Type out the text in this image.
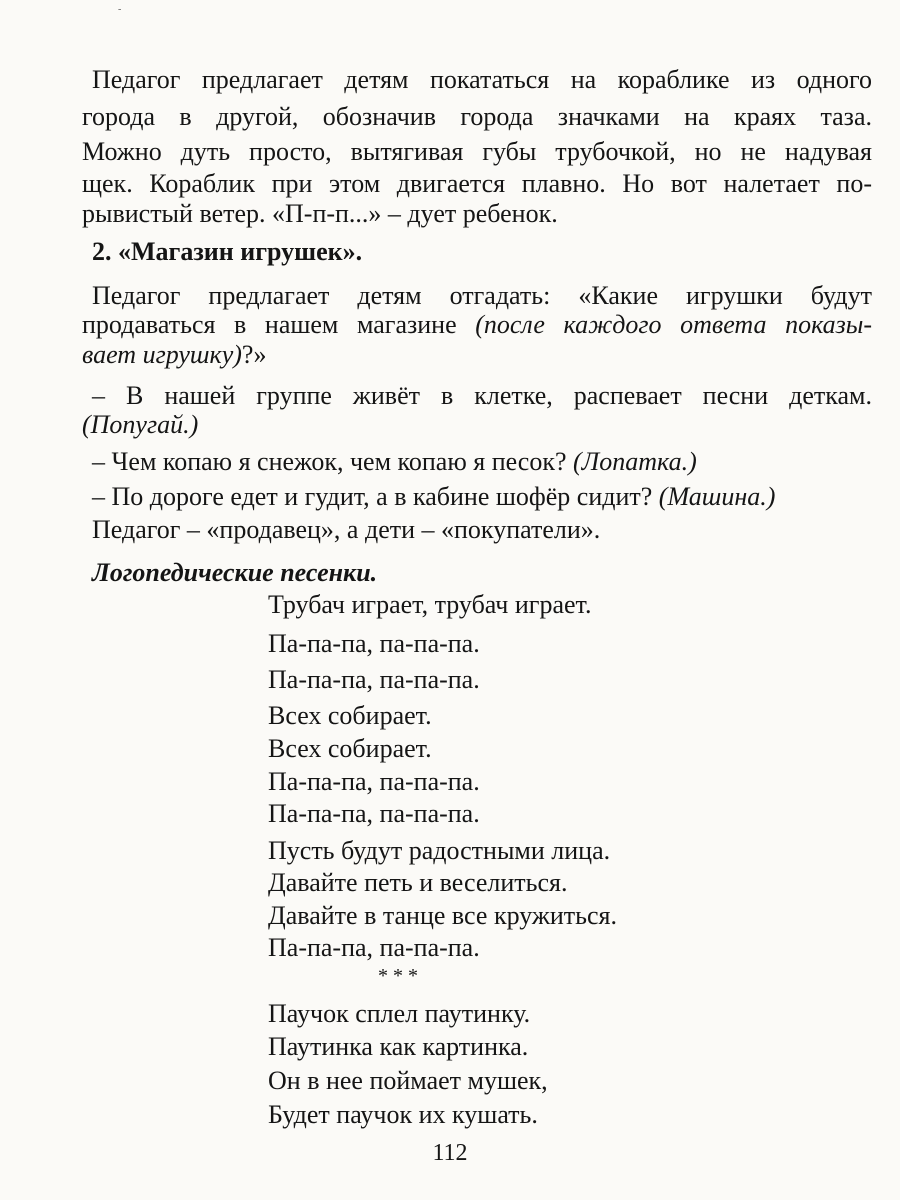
-
Педагог предлагает детям покататься на кораблике из одного
города в другой, обозначив города значками на краях таза.
Можно дуть просто, вытягивая губы трубочкой, но не надувая
щек. Кораблик при этом двигается плавно. Но вот налетает по-
рывистый ветер. «П-п-п...» – дует ребенок.
2. «Магазин игрушек».
Педагог предлагает детям отгадать: «Какие игрушки будут
продаваться в нашем магазине (после каждого ответа показы-
вает игрушку)?»
– В нашей группе живёт в клетке, распевает песни деткам.
(Попугай.)
– Чем копаю я снежок, чем копаю я песок? (Лопатка.)
– По дороге едет и гудит, а в кабине шофёр сидит? (Машина.)
Педагог – «продавец», а дети – «покупатели».
Логопедические песенки.
Трубач играет, трубач играет.
Па-па-па, па-па-па.
Па-па-па, па-па-па.
Всех собирает.
Всех собирает.
Па-па-па, па-па-па.
Па-па-па, па-па-па.
Пусть будут радостными лица.
Давайте петь и веселиться.
Давайте в танце все кружиться.
Па-па-па, па-па-па.
* * *
Паучок сплел паутинку.
Паутинка как картинка.
Он в нее поймает мушек,
Будет паучок их кушать.
112
